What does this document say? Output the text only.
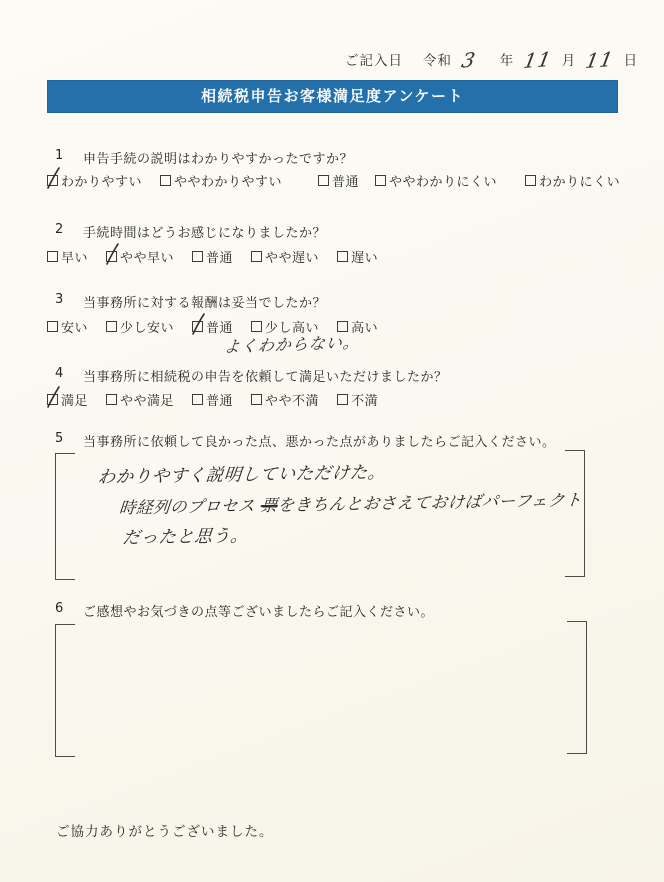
ご記入日 令和 3 年 11 月 11 日
相続税申告お客様満足度アンケート
1	申告手続の説明はわかりやすかったですか？
わかりやすい ややわかりやすい	普通 ややわかりにくい	わかりにくい
2	手続時間はどうお感じになりましたか？
早い やや早い 普通 やや遅い 遅い
3	当事務所に対する報酬は妥当でしたか？
安い 少し安い 普通 少し高い 高い
よくわからない。
4	当事務所に相続税の申告を依頼して満足いただけましたか？
満足 やや満足 普通 やや不満 不満
5	当事務所に依頼して良かった点、悪かった点がありましたらご記入ください。
わかりやすく説明していただけた。
時経列のプロセス 票をきちんとおさえておけばパーフェクト
だったと思う。
6	ご感想やお気づきの点等ございましたらご記入ください。
ご協力ありがとうございました。
